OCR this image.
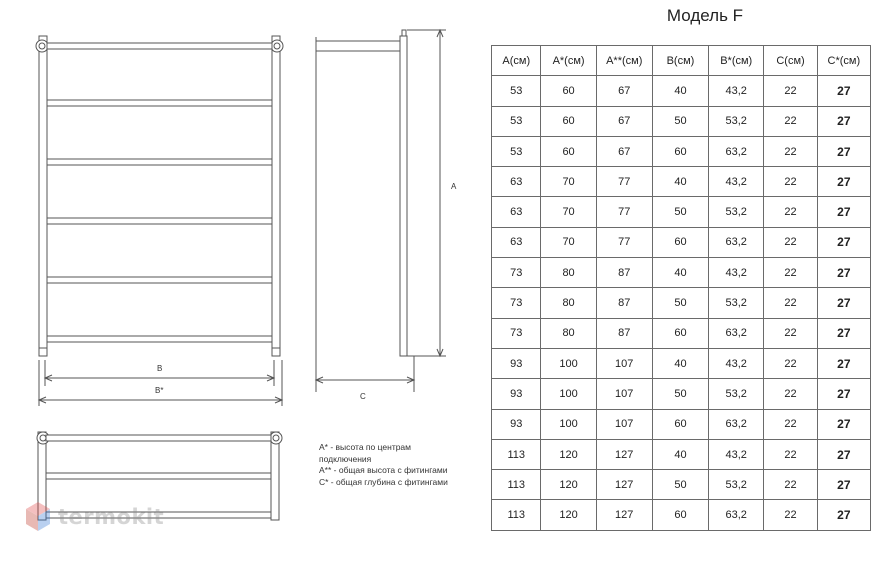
B
B*
C
A
Модель F
A(см)	A*(см)	A**(см)	B(см)	B*(см)	C(см)	C*(см)
53	60	67	40	43,2	22	27
53	60	67	50	53,2	22	27
53	60	67	60	63,2	22	27
63	70	77	40	43,2	22	27
63	70	77	50	53,2	22	27
63	70	77	60	63,2	22	27
73	80	87	40	43,2	22	27
73	80	87	50	53,2	22	27
73	80	87	60	63,2	22	27
93	100	107	40	43,2	22	27
93	100	107	50	53,2	22	27
93	100	107	60	63,2	22	27
113	120	127	40	43,2	22	27
113	120	127	50	53,2	22	27
113	120	127	60	63,2	22	27

A* - высота по центрам подключения

A** - общая высота с фитингами

C* - общая глубина с фитингами

termokit
